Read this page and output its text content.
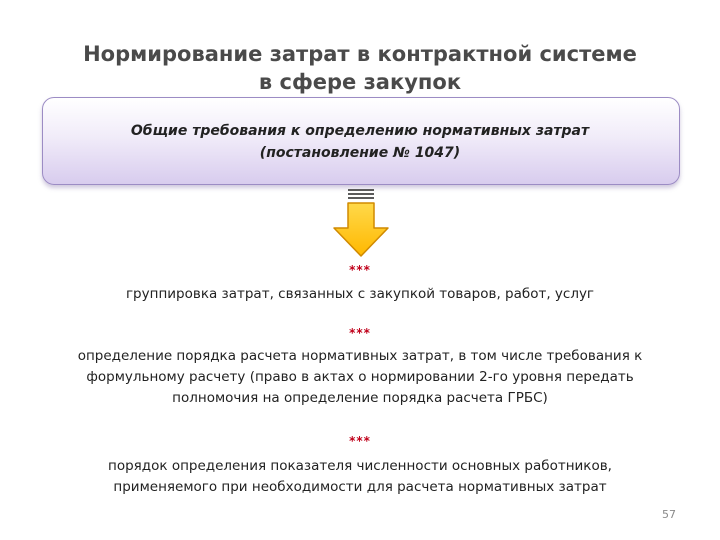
Нормирование затрат в контрактной системе
в сфере закупок
Общие требования к определению нормативных затрат
(постановление № 1047)
***
группировка затрат, связанных с закупкой товаров, работ, услуг
***
определение порядка расчета нормативных затрат, в том числе требования к
формульному расчету (право в актах о нормировании 2-го уровня передать
полномочия на определение порядка расчета ГРБС)
***
порядок определения показателя численности основных работников,
применяемого при необходимости для расчета нормативных затрат
57
